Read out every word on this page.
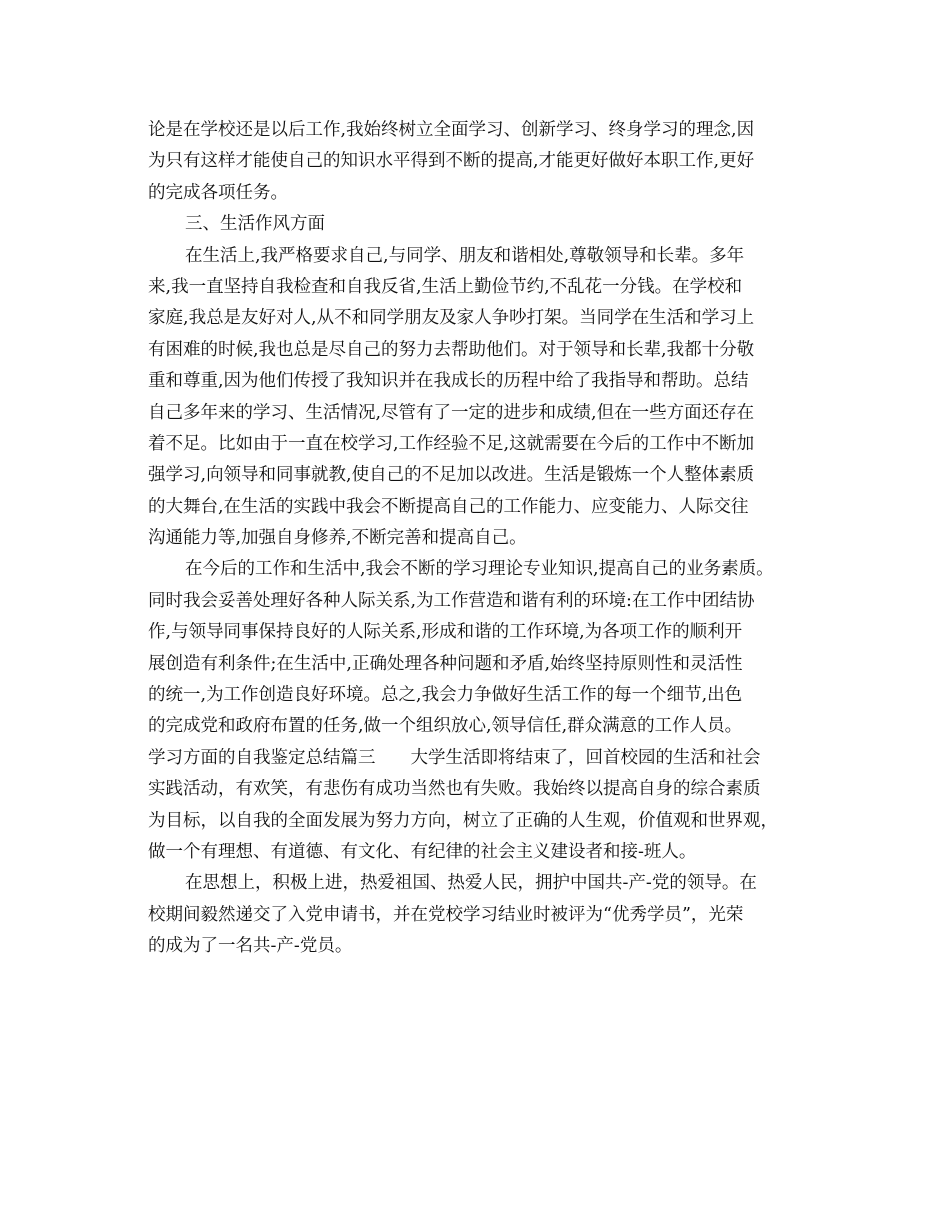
论是在学校还是以后工作,我始终树立全面学习、创新学习、终身学习的理念,因
为只有这样才能使自己的知识水平得到不断的提高,才能更好做好本职工作,更好
的完成各项任务。
三、生活作风方面
在生活上,我严格要求自己,与同学、朋友和谐相处,尊敬领导和长辈。多年
来,我一直坚持自我检查和自我反省,生活上勤俭节约,不乱花一分钱。在学校和
家庭,我总是友好对人,从不和同学朋友及家人争吵打架。当同学在生活和学习上
有困难的时候,我也总是尽自己的努力去帮助他们。对于领导和长辈,我都十分敬
重和尊重,因为他们传授了我知识并在我成长的历程中给了我指导和帮助。总结
自己多年来的学习、生活情况,尽管有了一定的进步和成绩,但在一些方面还存在
着不足。比如由于一直在校学习,工作经验不足,这就需要在今后的工作中不断加
强学习,向领导和同事就教,使自己的不足加以改进。生活是锻炼一个人整体素质
的大舞台,在生活的实践中我会不断提高自己的工作能力、应变能力、人际交往
沟通能力等,加强自身修养,不断完善和提高自己。
在今后的工作和生活中,我会不断的学习理论专业知识,提高自己的业务素质。
同时我会妥善处理好各种人际关系,为工作营造和谐有利的环境:在工作中团结协
作,与领导同事保持良好的人际关系,形成和谐的工作环境,为各项工作的顺利开
展创造有利条件;在生活中,正确处理各种问题和矛盾,始终坚持原则性和灵活性
的统一,为工作创造良好环境。总之,我会力争做好生活工作的每一个细节,出色
的完成党和政府布置的任务,做一个组织放心,领导信任,群众满意的工作人员。
学习方面的自我鉴定总结篇三　　大学生活即将结束了，回首校园的生活和社会
实践活动，有欢笑，有悲伤有成功当然也有失败。我始终以提高自身的综合素质
为目标，以自我的全面发展为努力方向，树立了正确的人生观，价值观和世界观，
做一个有理想、有道德、有文化、有纪律的社会主义建设者和接-班人。
在思想上，积极上进，热爱祖国、热爱人民，拥护中国共-产-党的领导。在
校期间毅然递交了入党申请书，并在党校学习结业时被评为“优秀学员”，光荣
的成为了一名共-产-党员。
